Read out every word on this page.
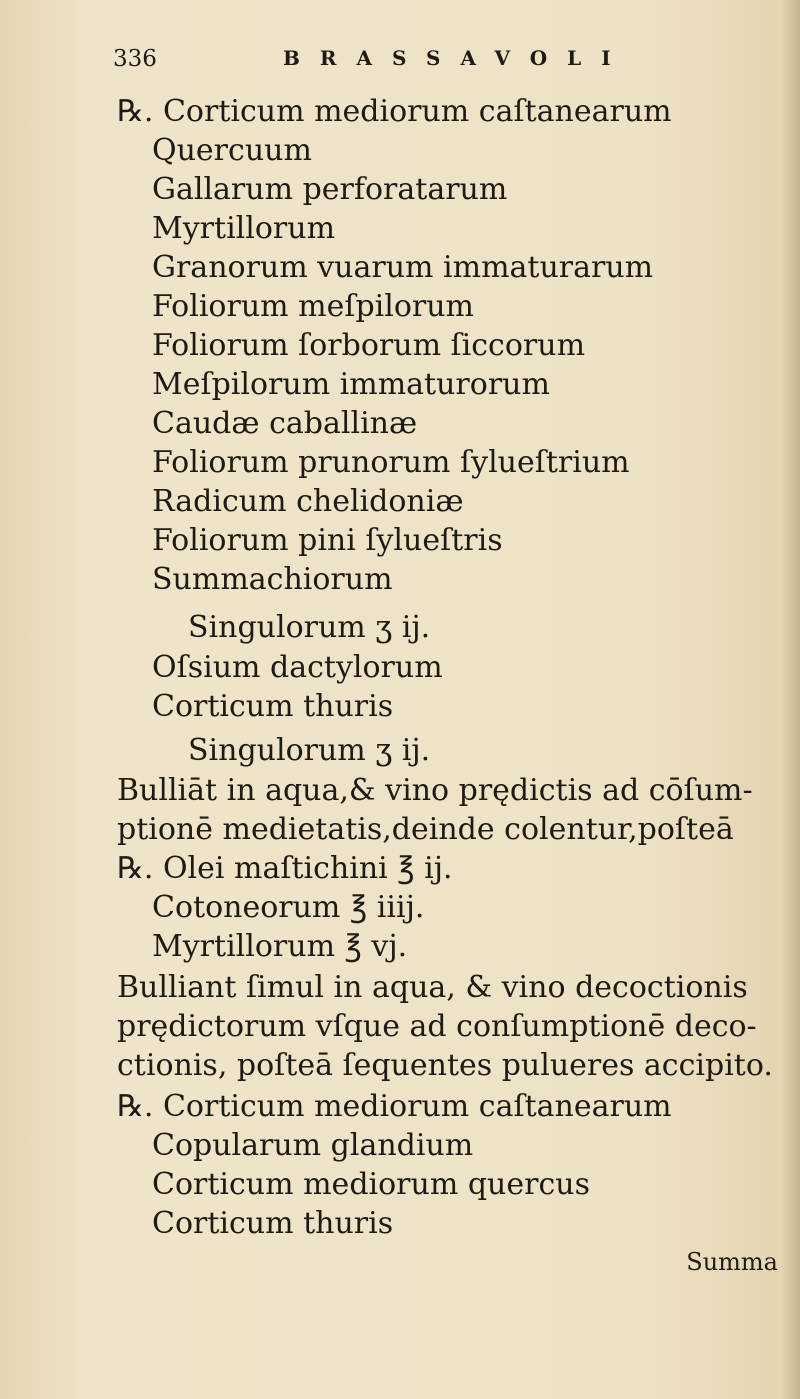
336	BRASSAVOLI
℞. Corticum mediorum caſtanearum
Quercuum
Gallarum perforatarum
Myrtillorum
Granorum vuarum immaturarum
Foliorum meſpilorum
Foliorum ſorborum ſiccorum
Meſpilorum immaturorum
Caudæ caballinæ
Foliorum prunorum ſylueſtrium
Radicum chelidoniæ
Foliorum pini ſylueſtris
Summachiorum
Singulorum ʒ ij.
Oſsium dactylorum
Corticum thuris
Singulorum ʒ ij.
Bulliāt in aqua,& vino prędictis ad cōſum-
ptionē medietatis,deinde colentur,poſteā
℞. Olei maſtichini ℥ ij.
Cotoneorum ℥ iiij.
Myrtillorum ℥ vj.
Bulliant ſimul in aqua, & vino decoctionis
prędictorum vſque ad conſumptionē deco-
ctionis, poſteā ſequentes pulueres accipito.
℞. Corticum mediorum caſtanearum
Copularum glandium
Corticum mediorum quercus
Corticum thuris
Summa
